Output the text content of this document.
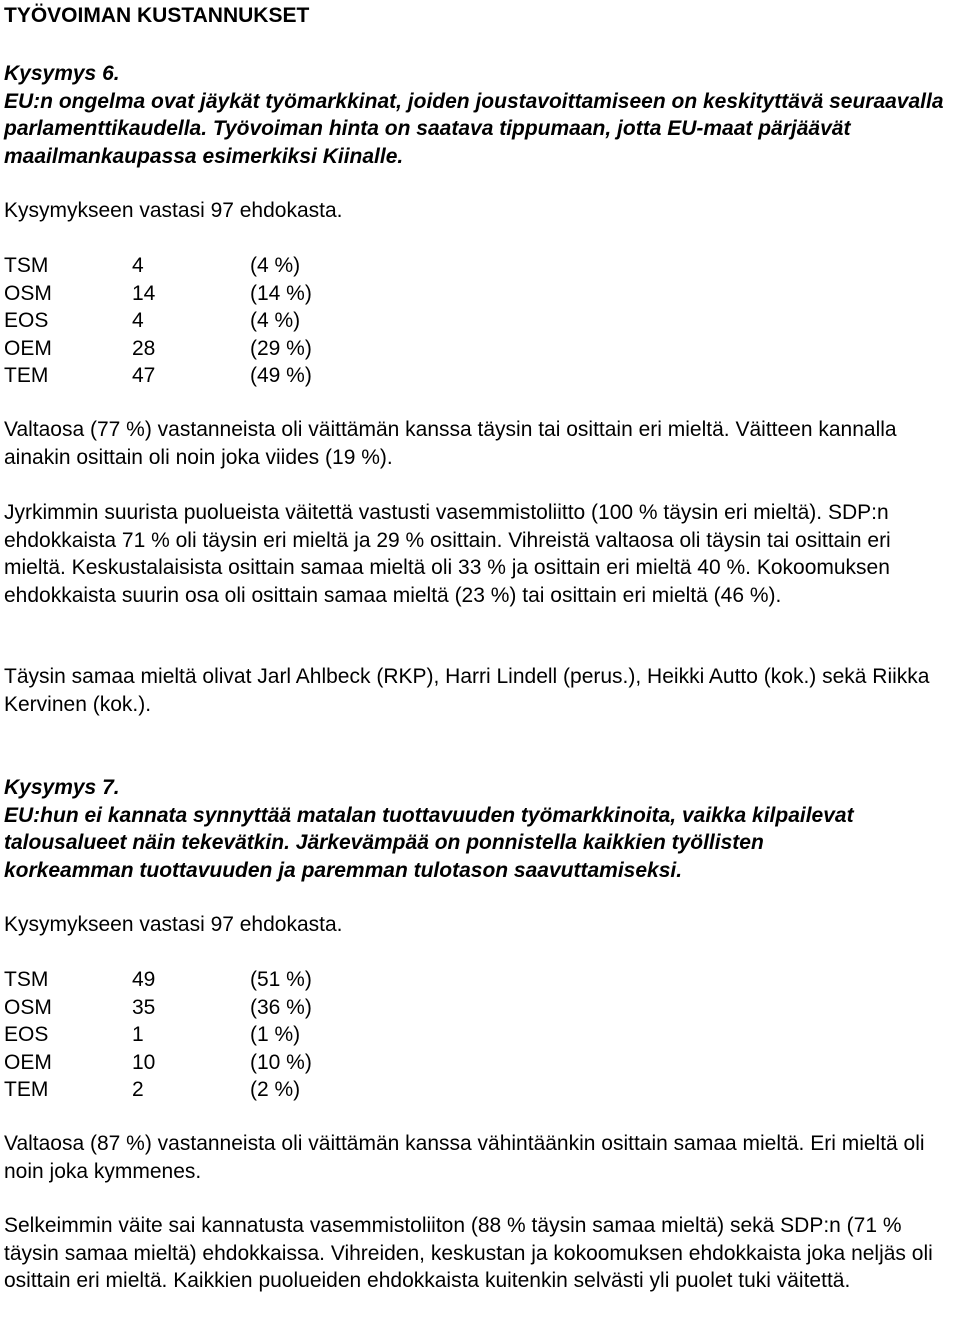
TYÖVOIMAN KUSTANNUKSET
Kysymys 6.
EU:n ongelma ovat jäykät työmarkkinat, joiden joustavoittamiseen on keskityttävä seuraavalla parlamenttikaudella. Työvoiman hinta on saatava tippumaan, jotta EU-maat pärjäävät maailmankaupassa esimerkiksi Kiinalle.
Kysymykseen vastasi 97 ehdokasta.
TSM	4	(4 %)
OSM	14	(14 %)
EOS	4	(4 %)
OEM	28	(29 %)
TEM	47	(49 %)
Valtaosa (77 %) vastanneista oli väittämän kanssa täysin tai osittain eri mieltä. Väitteen kannalla ainakin osittain oli noin joka viides (19 %).
Jyrkimmin suurista puolueista väitettä vastusti vasemmistoliitto (100 % täysin eri mieltä). SDP:n ehdokkaista 71 % oli täysin eri mieltä ja 29 % osittain. Vihreistä valtaosa oli täysin tai osittain eri mieltä. Keskustalaisista osittain samaa mieltä oli 33 % ja osittain eri mieltä 40 %. Kokoomuksen ehdokkaista suurin osa oli osittain samaa mieltä (23 %) tai osittain eri mieltä (46 %).
Täysin samaa mieltä olivat Jarl Ahlbeck (RKP), Harri Lindell (perus.), Heikki Autto (kok.) sekä Riikka Kervinen (kok.).
Kysymys 7.
EU:hun ei kannata synnyttää matalan tuottavuuden työmarkkinoita, vaikka kilpailevat talousalueet näin tekevätkin. Järkevämpää on ponnistella kaikkien työllisten korkeamman tuottavuuden ja paremman tulotason saavuttamiseksi.
Kysymykseen vastasi 97 ehdokasta.
TSM	49	(51 %)
OSM	35	(36 %)
EOS	1	(1 %)
OEM	10	(10 %)
TEM	2	(2 %)
Valtaosa (87 %) vastanneista oli väittämän kanssa vähintäänkin osittain samaa mieltä. Eri mieltä oli noin joka kymmenes.
Selkeimmin väite sai kannatusta vasemmistoliiton (88 % täysin samaa mieltä) sekä SDP:n (71 % täysin samaa mieltä) ehdokkaissa. Vihreiden, keskustan ja kokoomuksen ehdokkaista joka neljäs oli osittain eri mieltä. Kaikkien puolueiden ehdokkaista kuitenkin selvästi yli puolet tuki väitettä.
